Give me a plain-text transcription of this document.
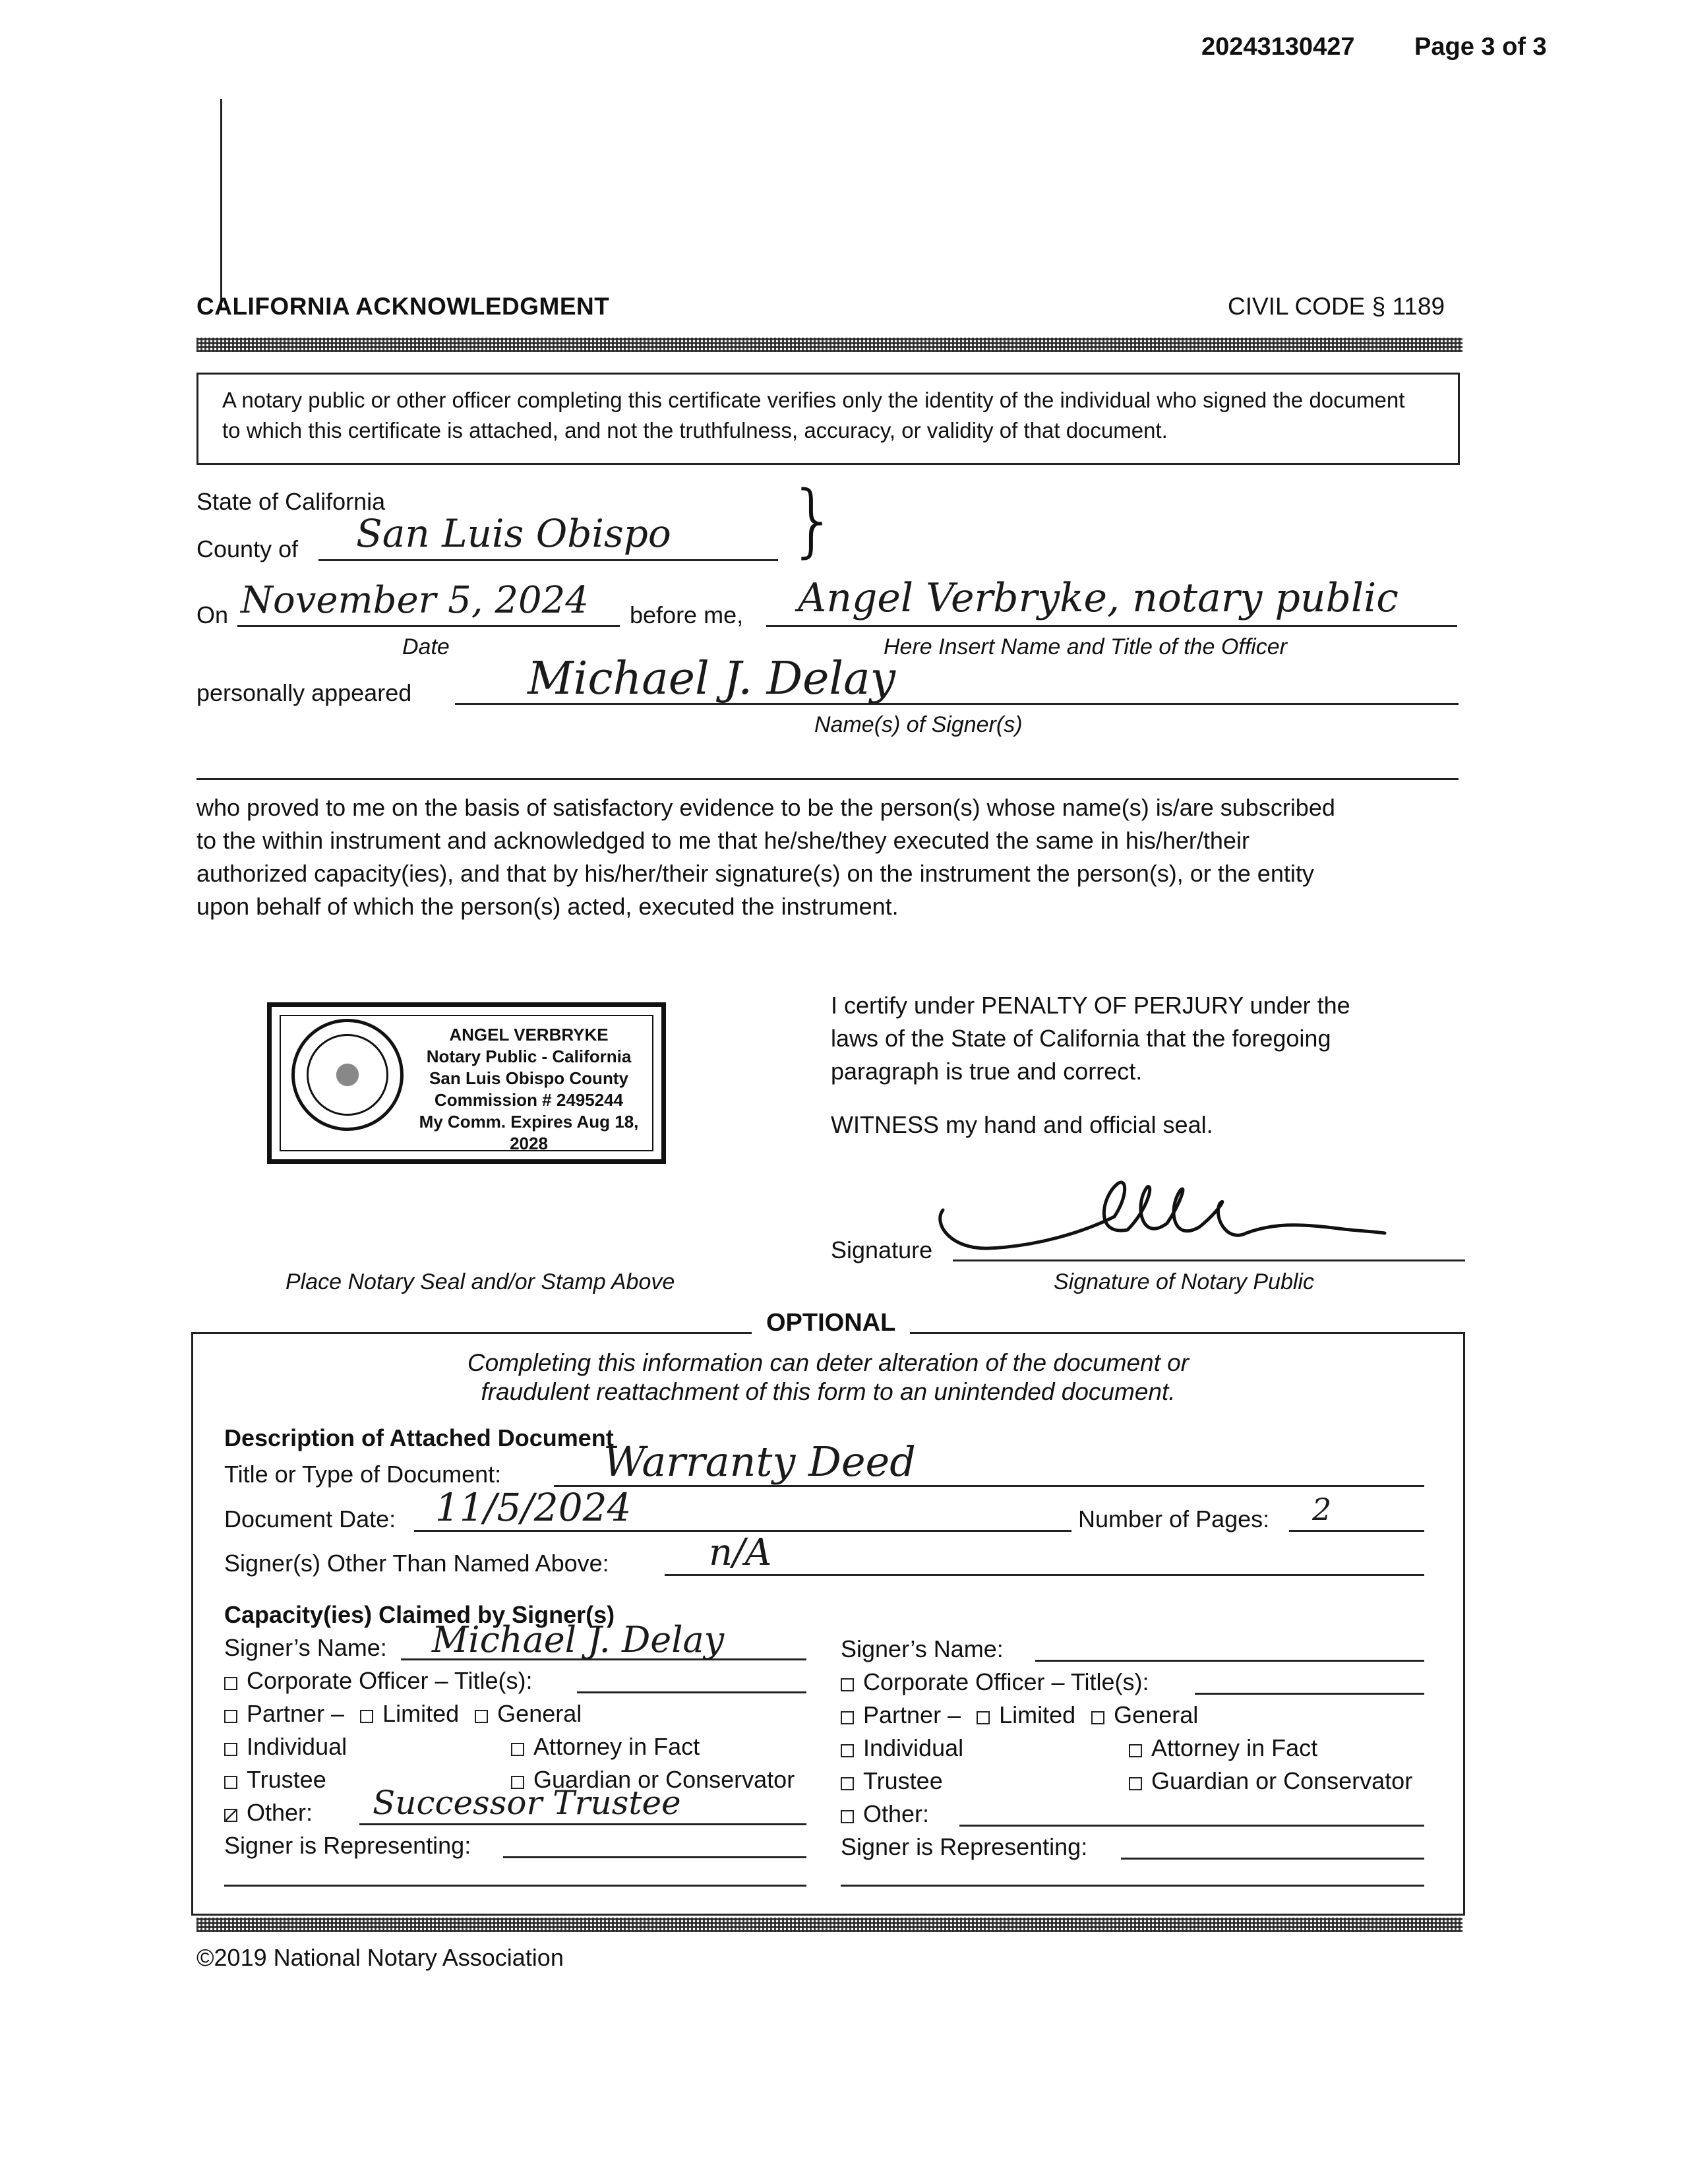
20243130427 Page 3 of 3
CALIFORNIA ACKNOWLEDGMENT	CIVIL CODE § 1189
A notary public or other officer completing this certificate verifies only the identity of the individual who signed the document
to which this certificate is attached, and not the truthfulness, accuracy, or validity of that document.
State of California
County of San Luis Obispo }
On November 5, 2024 before me, Angel Verbryke, notary public
Date	Here Insert Name and Title of the Officer
personally appeared	Michael J. Delay
Name(s) of Signer(s)
who proved to me on the basis of satisfactory evidence to be the person(s) whose name(s) is/are subscribed
to the within instrument and acknowledged to me that he/she/they executed the same in his/her/their
authorized capacity(ies), and that by his/her/their signature(s) on the instrument the person(s), or the entity
upon behalf of which the person(s) acted, executed the instrument.
ANGEL VERBRYKE
Notary Public - California
San Luis Obispo County
Commission # 2495244
My Comm. Expires Aug 18, 2028
I certify under PENALTY OF PERJURY under the
laws of the State of California that the foregoing
paragraph is true and correct.
WITNESS my hand and official seal.
Signature
Place Notary Seal and/or Stamp Above	Signature of Notary Public
OPTIONAL
Completing this information can deter alteration of the document or
fraudulent reattachment of this form to an unintended document.
Description of Attached Document
Title or Type of Document: Warranty Deed
Document Date: 11/5/2024	Number of Pages: 2
Signer(s) Other Than Named Above:	n/A
Capacity(ies) Claimed by Signer(s)
Signer’s Name: Michael J. Delay
Corporate Officer – Title(s):
Partner – Limited General
Individual	Attorney in Fact
Trustee	Guardian or Conservator
Other: Successor Trustee
Signer is Representing:
Signer’s Name:
Corporate Officer – Title(s):
Partner – Limited General
Individual	Attorney in Fact
Trustee	Guardian or Conservator
Other:
Signer is Representing:
©2019 National Notary Association
